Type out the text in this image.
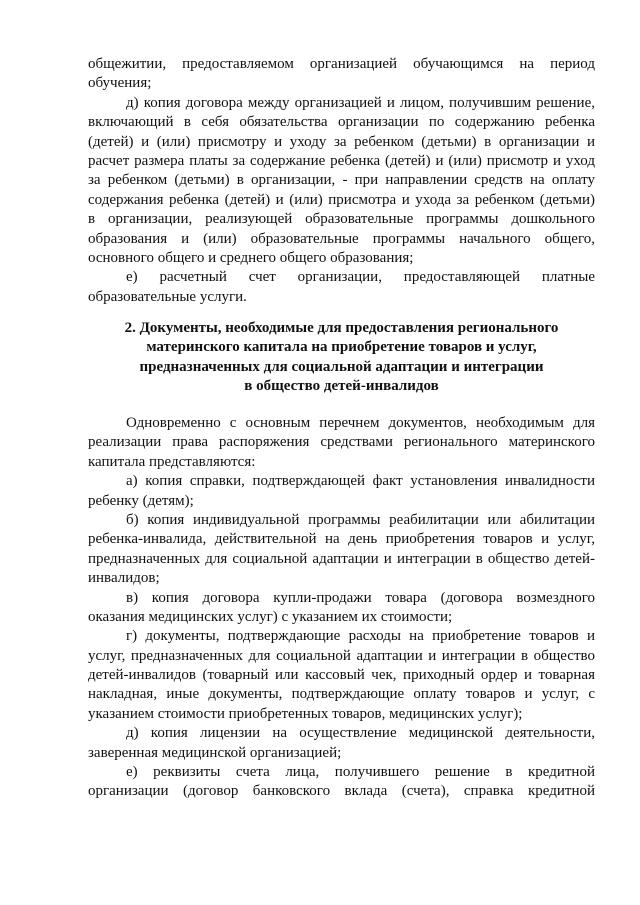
общежитии, предоставляемом организацией обучающимся на период
обучения;
д) копия договора между организацией и лицом, получившим решение,
включающий в себя обязательства организации по содержанию ребенка
(детей) и (или) присмотру и уходу за ребенком (детьми) в организации и
расчет размера платы за содержание ребенка (детей) и (или) присмотр и уход
за ребенком (детьми) в организации, - при направлении средств на оплату
содержания ребенка (детей) и (или) присмотра и ухода за ребенком (детьми)
в организации, реализующей образовательные программы дошкольного
образования и (или) образовательные программы начального общего,
основного общего и среднего общего образования;
е) расчетный счет организации, предоставляющей платные
образовательные услуги.
2. Документы, необходимые для предоставления регионального
материнского капитала на приобретение товаров и услуг,
предназначенных для социальной адаптации и интеграции
в общество детей-инвалидов
Одновременно с основным перечнем документов, необходимым для
реализации права распоряжения средствами регионального материнского
капитала представляются:
а) копия справки, подтверждающей факт установления инвалидности
ребенку (детям);
б) копия индивидуальной программы реабилитации или абилитации
ребенка-инвалида, действительной на день приобретения товаров и услуг,
предназначенных для социальной адаптации и интеграции в общество детей-
инвалидов;
в) копия договора купли-продажи товара (договора возмездного
оказания медицинских услуг) с указанием их стоимости;
г) документы, подтверждающие расходы на приобретение товаров и
услуг, предназначенных для социальной адаптации и интеграции в общество
детей-инвалидов (товарный или кассовый чек, приходный ордер и товарная
накладная, иные документы, подтверждающие оплату товаров и услуг, с
указанием стоимости приобретенных товаров, медицинских услуг);
д) копия лицензии на осуществление медицинской деятельности,
заверенная медицинской организацией;
е) реквизиты счета лица, получившего решение в кредитной
организации (договор банковского вклада (счета), справка кредитной
